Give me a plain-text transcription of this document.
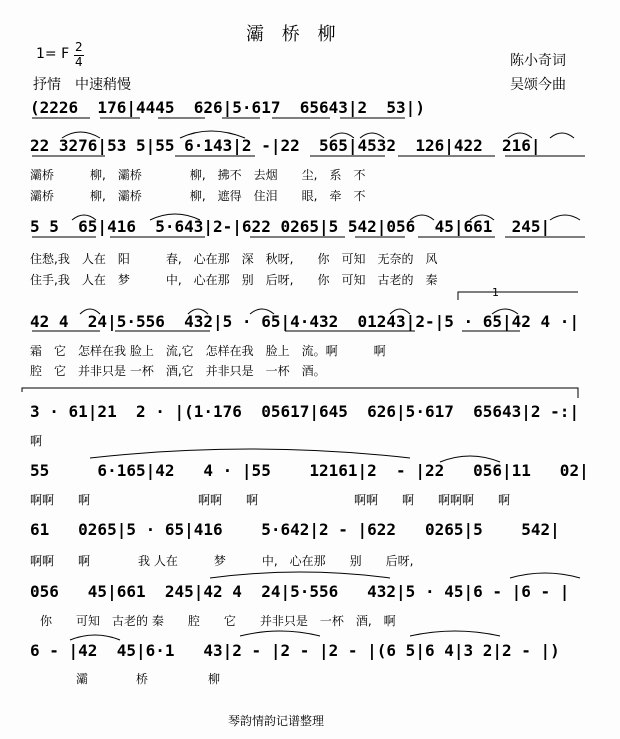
灞 桥 柳
1= F 2
4	陈小奇词
吴颂今曲
抒情　中速稍慢
(2226  176|4445  626|5·617  65643|2  53|)
22 3276|53 5|55 6·143|2 -|22  565|4532  126|422  216|
灞桥　　　柳,　灞桥　　　　柳,　拂不　去烟　　尘,　系　不
灞桥　　　柳,　灞桥　　　　柳,　遮得　住泪　　眼,　牵　不
5 5  65|416  5·643|2-|622 0265|5 542|056  45|661  245|
住愁,我　人在　阳　　　春,　心在那　深　秋呀,　　你　可知　无奈的　风
住手,我　人在　梦　　　中,　心在那　别　后呀,　　你　可知　古老的　秦
42 4  24|5·556  432|5 · 65|4·432  01243|2-|5 · 65|42 4 ·|
霜　它　怎样在我 脸上　流,它　怎样在我　脸上　流。啊　　　啊
腔　它　并非只是 一杯　酒,它　并非只是　一杯　酒。
1
3 · 61|21  2 · |(1·176  05617|645  626|5·617  65643|2 -:|
啊
55     6·165|42   4 · |55    12161|2  - |22   056|11   02|
啊啊　　啊　　　　　　　　　啊啊　　啊　　　　　　　　啊啊　　啊　　啊啊啊　　啊
61   0265|5 · 65|416    5·642|2 - |622   0265|5    542|
啊啊　　啊　　　　我 人在　　　梦　　　中,　心在那　　别　　后呀,
056   45|661  245|42 4  24|5·556   432|5 · 45|6 - |6 - |
你　　可知　古老的 秦　　腔　　它　　并非只是　一杯　酒,　啊
6 - |42  45|6·1   43|2 - |2 - |2 - |(6 5|6 4|3 2|2 - |)
　　　灞　　　　桥　　　　　柳
琴韵情韵记谱整理
